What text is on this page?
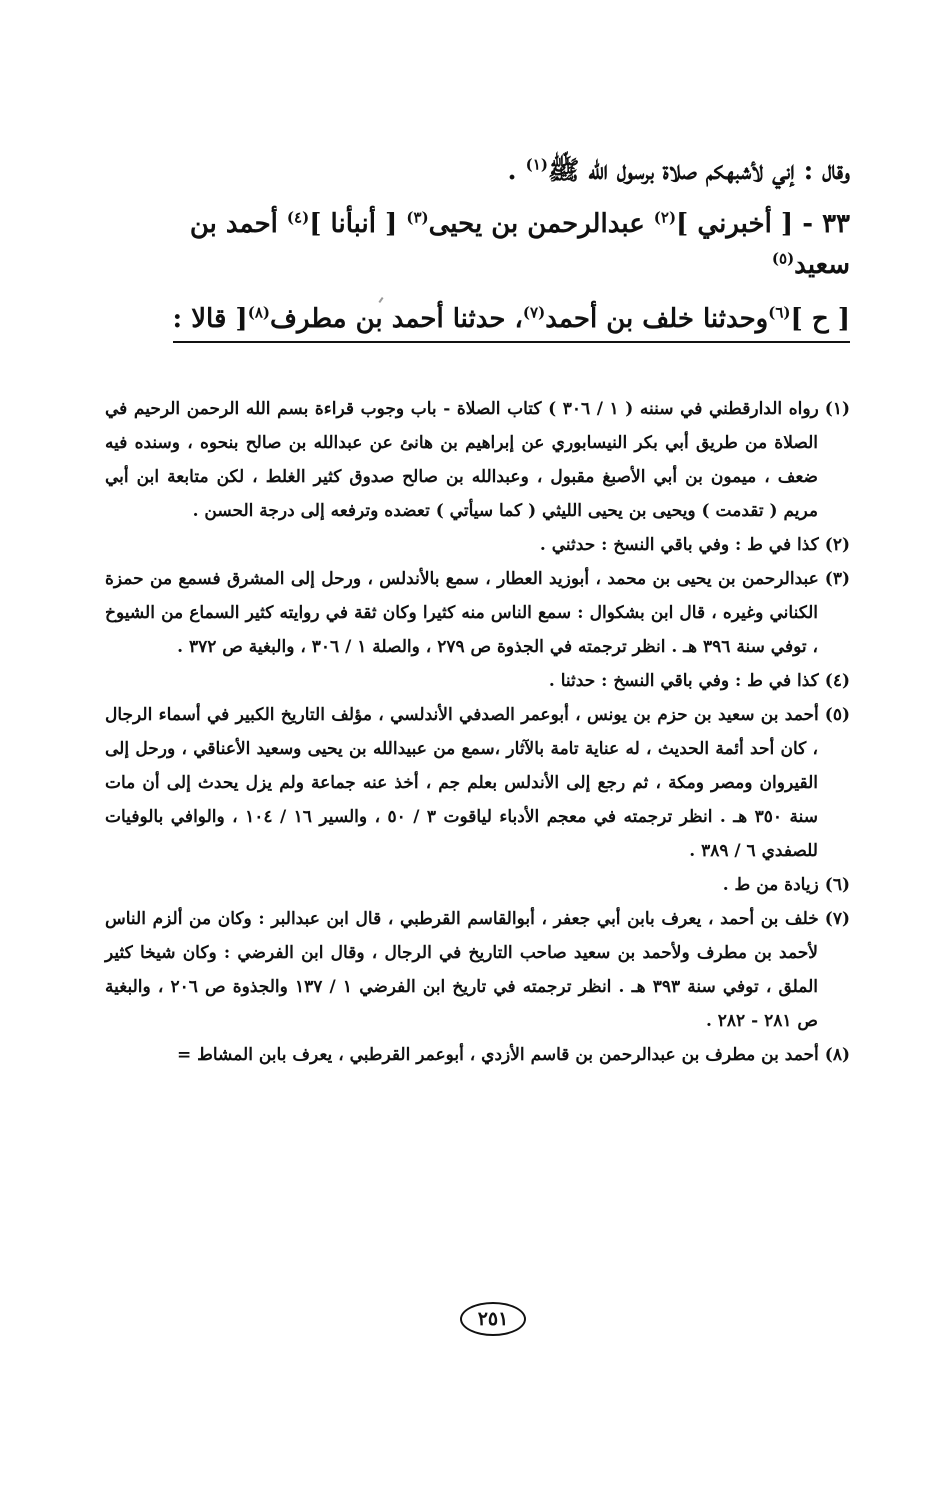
وقال : إني لأشبهكم صلاة برسول الله ﷺ$^{(١)}$ .
٣٣ - [ أخبرني ]$^{(٢)}$ عبدالرحمن بن يحيى$^{(٣)}$ [ أنبأنا ]$^{(٤)}$ أحمد بن
سعيد$^{(٥)}$
[ ح ]$^{(٦)}$وحدثنا خلف بن أحمد$^{(٧)}$، حدثنا أحمد بن مطرف$^{(٨)}$[ قالا :

(١)رواه الدارقطني في سننه ( ١ / ٣٠٦ ) كتاب الصلاة - باب وجوب قراءة بسم الله الرحمن الرحيم في الصلاة من طريق أبي بكر النيسابوري عن إبراهيم بن هانئ عن عبدالله بن صالح بنحوه ، وسنده فيه ضعف ، ميمون بن أبي الأصبغ مقبول ، وعبدالله بن صالح صدوق كثير الغلط ، لكن متابعة ابن أبي مريم ( تقدمت ) ويحيى بن يحيى الليثي ( كما سيأتي ) تعضده وترفعه إلى درجة الحسن .

(٢)كذا في ط : وفي باقي النسخ : حدثني .

(٣)عبدالرحمن بن يحيى بن محمد ، أبوزيد العطار ، سمع بالأندلس ، ورحل إلى المشرق فسمع من حمزة الكناني وغيره ، قال ابن بشكوال : سمع الناس منه كثيرا وكان ثقة في روايته كثير السماع من الشيوخ ، توفي سنة ٣٩٦ هـ . انظر ترجمته في الجذوة ص ٢٧٩ ، والصلة ١ / ٣٠٦ ، والبغية ص ٣٧٢ .

(٤)كذا في ط : وفي باقي النسخ : حدثنا .

(٥)أحمد بن سعيد بن حزم بن يونس ، أبوعمر الصدفي الأندلسي ، مؤلف التاريخ الكبير في أسماء الرجال ، كان أحد أئمة الحديث ، له عناية تامة بالآثار ،سمع من عبيدالله بن يحيى وسعيد الأعناقي ، ورحل إلى القيروان ومصر ومكة ، ثم رجع إلى الأندلس بعلم جم ، أخذ عنه جماعة ولم يزل يحدث إلى أن مات سنة ٣٥٠ هـ . انظر ترجمته في معجم الأدباء لياقوت ٣ / ٥٠ ، والسير ١٦ / ١٠٤ ، والوافي بالوفيات للصفدي ٦ / ٣٨٩ .

(٦)زيادة من ط .

(٧)خلف بن أحمد ، يعرف بابن أبي جعفر ، أبوالقاسم القرطبي ، قال ابن عبدالبر : وكان من ألزم الناس لأحمد بن مطرف ولأحمد بن سعيد صاحب التاريخ في الرجال ، وقال ابن الفرضي : وكان شيخا كثير الملق ، توفي سنة ٣٩٣ هـ . انظر ترجمته في تاريخ ابن الفرضي ١ / ١٣٧ والجذوة ص ٢٠٦ ، والبغية ص ٢٨١ - ٢٨٢ .

(٨)أحمد بن مطرف بن عبدالرحمن بن قاسم الأزدي ، أبوعمر القرطبي ، يعرف بابن المشاط =

٢٥١
